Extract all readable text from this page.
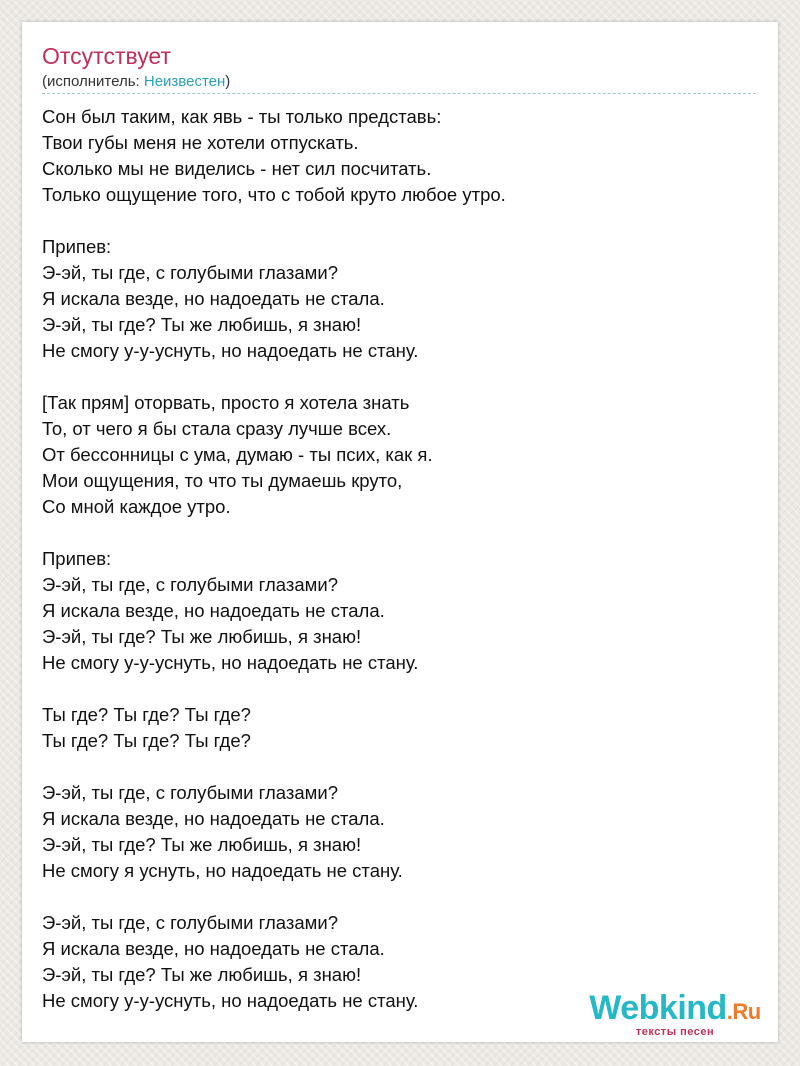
Отсутствует
(исполнитель: Неизвестен)
Сон был таким, как явь - ты только представь:
Твои губы меня не хотели отпускать.
Сколько мы не виделись - нет сил посчитать.
Только ощущение того, что с тобой круто любое утро.
Припев:
Э-эй, ты где, с голубыми глазами?
Я искала везде, но надоедать не стала.
Э-эй, ты где? Ты же любишь, я знаю!
Не смогу у-у-уснуть, но надоедать не стану.
[Так прям] оторвать, просто я хотела знать
То, от чего я бы стала сразу лучше всех.
От бессонницы с ума, думаю - ты псих, как я.
Мои ощущения, то что ты думаешь круто,
Со мной каждое утро.
Припев:
Э-эй, ты где, с голубыми глазами?
Я искала везде, но надоедать не стала.
Э-эй, ты где? Ты же любишь, я знаю!
Не смогу у-у-уснуть, но надоедать не стану.
Ты где? Ты где? Ты где?
Ты где? Ты где? Ты где?
Э-эй, ты где, с голубыми глазами?
Я искала везде, но надоедать не стала.
Э-эй, ты где? Ты же любишь, я знаю!
Не смогу я уснуть, но надоедать не стану.
Э-эй, ты где, с голубыми глазами?
Я искала везде, но надоедать не стала.
Э-эй, ты где? Ты же любишь, я знаю!
Не смогу у-у-уснуть, но надоедать не стану.	Webkind.Ru
тексты песен
